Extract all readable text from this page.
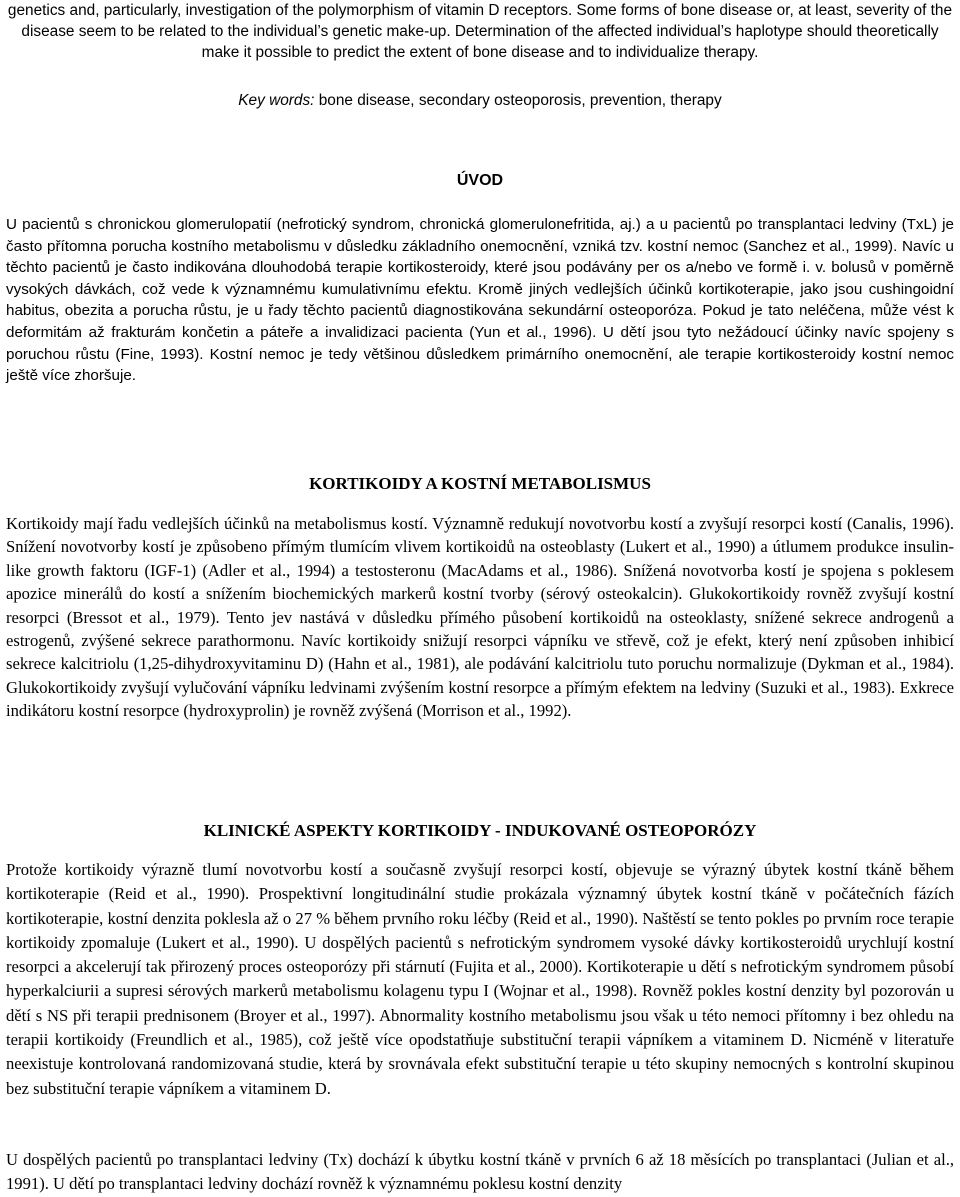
genetics and, particularly, investigation of the polymorphism of vitamin D receptors. Some forms of bone disease or, at least, severity of the disease seem to be related to the individual’s genetic make-up. Determination of the affected individual’s haplotype should theoretically make it possible to predict the extent of bone disease and to individualize therapy.

Key words: bone disease, secondary osteoporosis, prevention, therapy
ÚVOD

U pacientů s chronickou glomerulopatií (nefrotický syndrom, chronická glomerulonefritida, aj.) a u pacientů po transplantaci ledviny (TxL) je často přítomna porucha kostního metabolismu v důsledku základního onemocnění, vzniká tzv. kostní nemoc (Sanchez et al., 1999). Navíc u těchto pacientů je často indikována dlouhodobá terapie kortikosteroidy, které jsou podávány per os a/nebo ve formě i. v. bolusů v poměrně vysokých dávkách, což vede k významnému kumulativnímu efektu. Kromě jiných vedlejších účinků kortikoterapie, jako jsou cushingoidní habitus, obezita a porucha růstu, je u řady těchto pacientů diagnostikována sekundární osteoporóza. Pokud je tato neléčena, může vést k deformitám až frakturám končetin a páteře a invalidizaci pacienta (Yun et al., 1996). U dětí jsou tyto nežádoucí účinky navíc spojeny s poruchou růstu (Fine, 1993). Kostní nemoc je tedy většinou důsledkem primárního onemocnění, ale terapie kortikosteroidy kostní nemoc ještě více zhoršuje.

KORTIKOIDY A KOSTNÍ METABOLISMUS

Kortikoidy mají řadu vedlejších účinků na metabolismus kostí. Významně redukují novotvorbu kostí a zvyšují resorpci kostí (Canalis, 1996). Snížení novotvorby kostí je způsobeno přímým tlumícím vlivem kortikoidů na osteoblasty (Lukert et al., 1990) a útlumem produkce insulin-like growth faktoru (IGF-1) (Adler et al., 1994) a testosteronu (MacAdams et al., 1986). Snížená novotvorba kostí je spojena s poklesem apozice minerálů do kostí a snížením biochemických markerů kostní tvorby (sérový osteokalcin). Glukokortikoidy rovněž zvyšují kostní resorpci (Bressot et al., 1979). Tento jev nastává v důsledku přímého působení kortikoidů na osteoklasty, snížené sekrece androgenů a estrogenů, zvýšené sekrece parathormonu. Navíc kortikoidy snižují resorpci vápníku ve střevě, což je efekt, který není způsoben inhibicí sekrece kalcitriolu (1,25-dihydroxyvitaminu D) (Hahn et al., 1981), ale podávání kalcitriolu tuto poruchu normalizuje (Dykman et al., 1984). Glukokortikoidy zvyšují vylučování vápníku ledvinami zvýšením kostní resorpce a přímým efektem na ledviny (Suzuki et al., 1983). Exkrece indikátoru kostní resorpce (hydroxyprolin) je rovněž zvýšená (Morrison et al., 1992).

KLINICKÉ ASPEKTY KORTIKOIDY - INDUKOVANÉ OSTEOPORÓZY

Protože kortikoidy výrazně tlumí novotvorbu kostí a současně zvyšují resorpci kostí, objevuje se výrazný úbytek kostní tkáně během kortikoterapie (Reid et al., 1990). Prospektivní longitudinální studie prokázala významný úbytek kostní tkáně v počátečních fázích kortikoterapie, kostní denzita poklesla až o 27 % během prvního roku léčby (Reid et al., 1990). Naštěstí se tento pokles po prvním roce terapie kortikoidy zpomaluje (Lukert et al., 1990). U dospělých pacientů s nefrotickým syndromem vysoké dávky kortikosteroidů urychlují kostní resorpci a akcelerují tak přirozený proces osteoporózy při stárnutí (Fujita et al., 2000). Kortikoterapie u dětí s nefrotickým syndromem působí hyperkalciurii a supresi sérových markerů metabolismu kolagenu typu I (Wojnar et al., 1998). Rovněž pokles kostní denzity byl pozorován u dětí s NS při terapii prednisonem (Broyer et al., 1997). Abnormality kostního metabolismu jsou však u této nemoci přítomny i bez ohledu na terapii kortikoidy (Freundlich et al., 1985), což ještě více opodstatňuje substituční terapii vápníkem a vitaminem D. Nicméně v literatuře neexistuje kontrolovaná randomizovaná studie, která by srovnávala efekt substituční terapie u této skupiny nemocných s kontrolní skupinou bez substituční terapie vápníkem a vitaminem D.

U dospělých pacientů po transplantaci ledviny (Tx) dochází k úbytku kostní tkáně v prvních 6 až 18 měsících po transplantaci (Julian et al., 1991). U dětí po transplantaci ledviny dochází rovněž k významnému poklesu kostní denzity
